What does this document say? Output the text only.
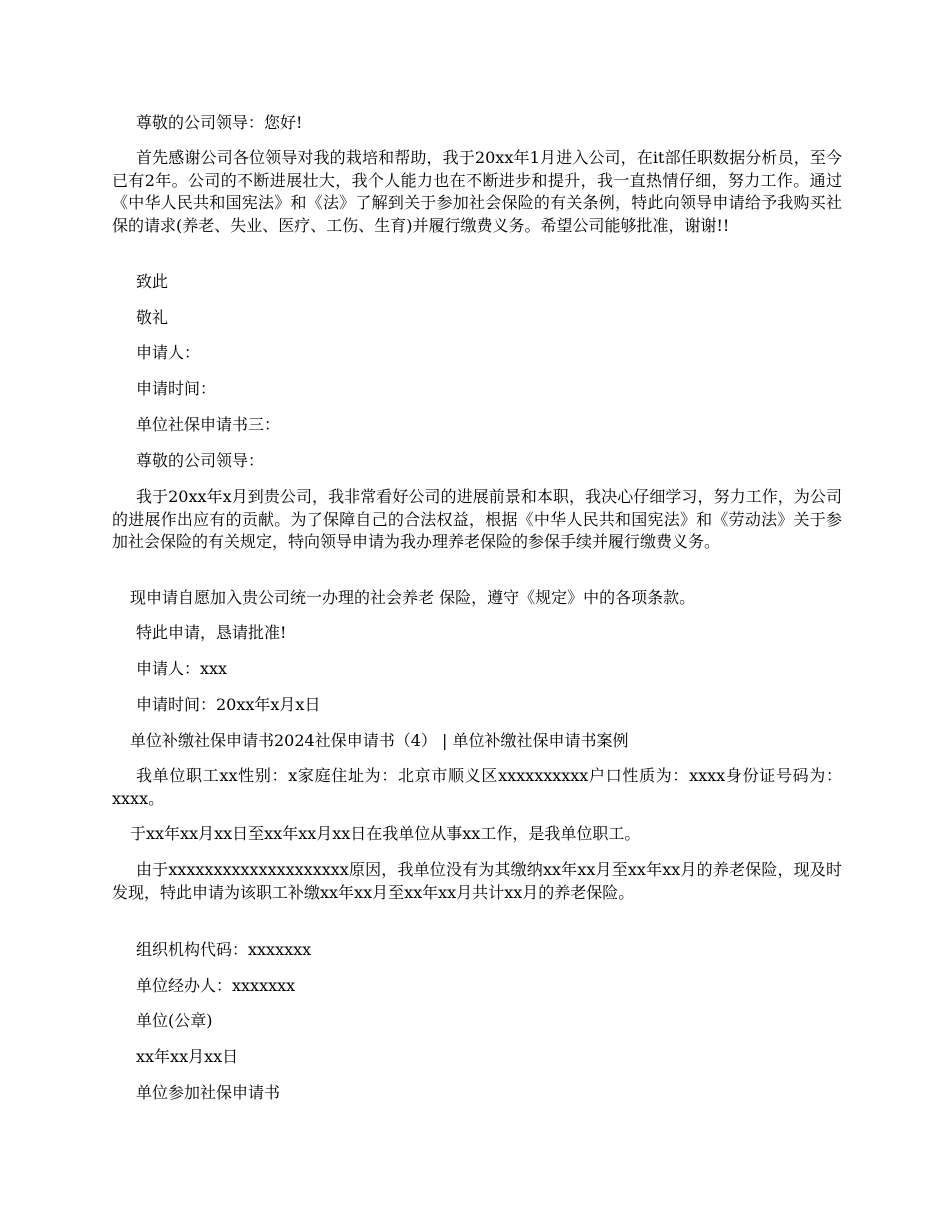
尊敬的公司领导：您好!

首先感谢公司各位领导对我的栽培和帮助，我于20xx年1月进入公司，在it部任职数据分析员，至今已有2年。公司的不断进展壮大，我个人能力也在不断进步和提升，我一直热情仔细，努力工作。通过《中华人民共和国宪法》和《法》了解到关于参加社会保险的有关条例，特此向领导申请给予我购买社保的请求(养老、失业、医疗、工伤、生育)并履行缴费义务。希望公司能够批准，谢谢!!

致此

敬礼

申请人：

申请时间：

单位社保申请书三：

尊敬的公司领导：

我于20xx年x月到贵公司，我非常看好公司的进展前景和本职，我决心仔细学习，努力工作，为公司的进展作出应有的贡献。为了保障自己的合法权益，根据《中华人民共和国宪法》和《劳动法》关于参加社会保险的有关规定，特向领导申请为我办理养老保险的参保手续并履行缴费义务。

现申请自愿加入贵公司统一办理的社会养老 保险，遵守《规定》中的各项条款。

特此申请，恳请批准!

申请人：xxx

申请时间：20xx年x月x日

单位补缴社保申请书2024社保申请书（4） | 单位补缴社保申请书案例

我单位职工xx性别：x家庭住址为：北京市顺义区xxxxxxxxxx户口性质为：xxxx身份证号码为：xxxx。

于xx年xx月xx日至xx年xx月xx日在我单位从事xx工作，是我单位职工。

由于xxxxxxxxxxxxxxxxxxxx原因，我单位没有为其缴纳xx年xx月至xx年xx月的养老保险，现及时发现，特此申请为该职工补缴xx年xx月至xx年xx月共计xx月的养老保险。

组织机构代码：xxxxxxx

单位经办人：xxxxxxx

单位(公章)

xx年xx月xx日

单位参加社保申请书
